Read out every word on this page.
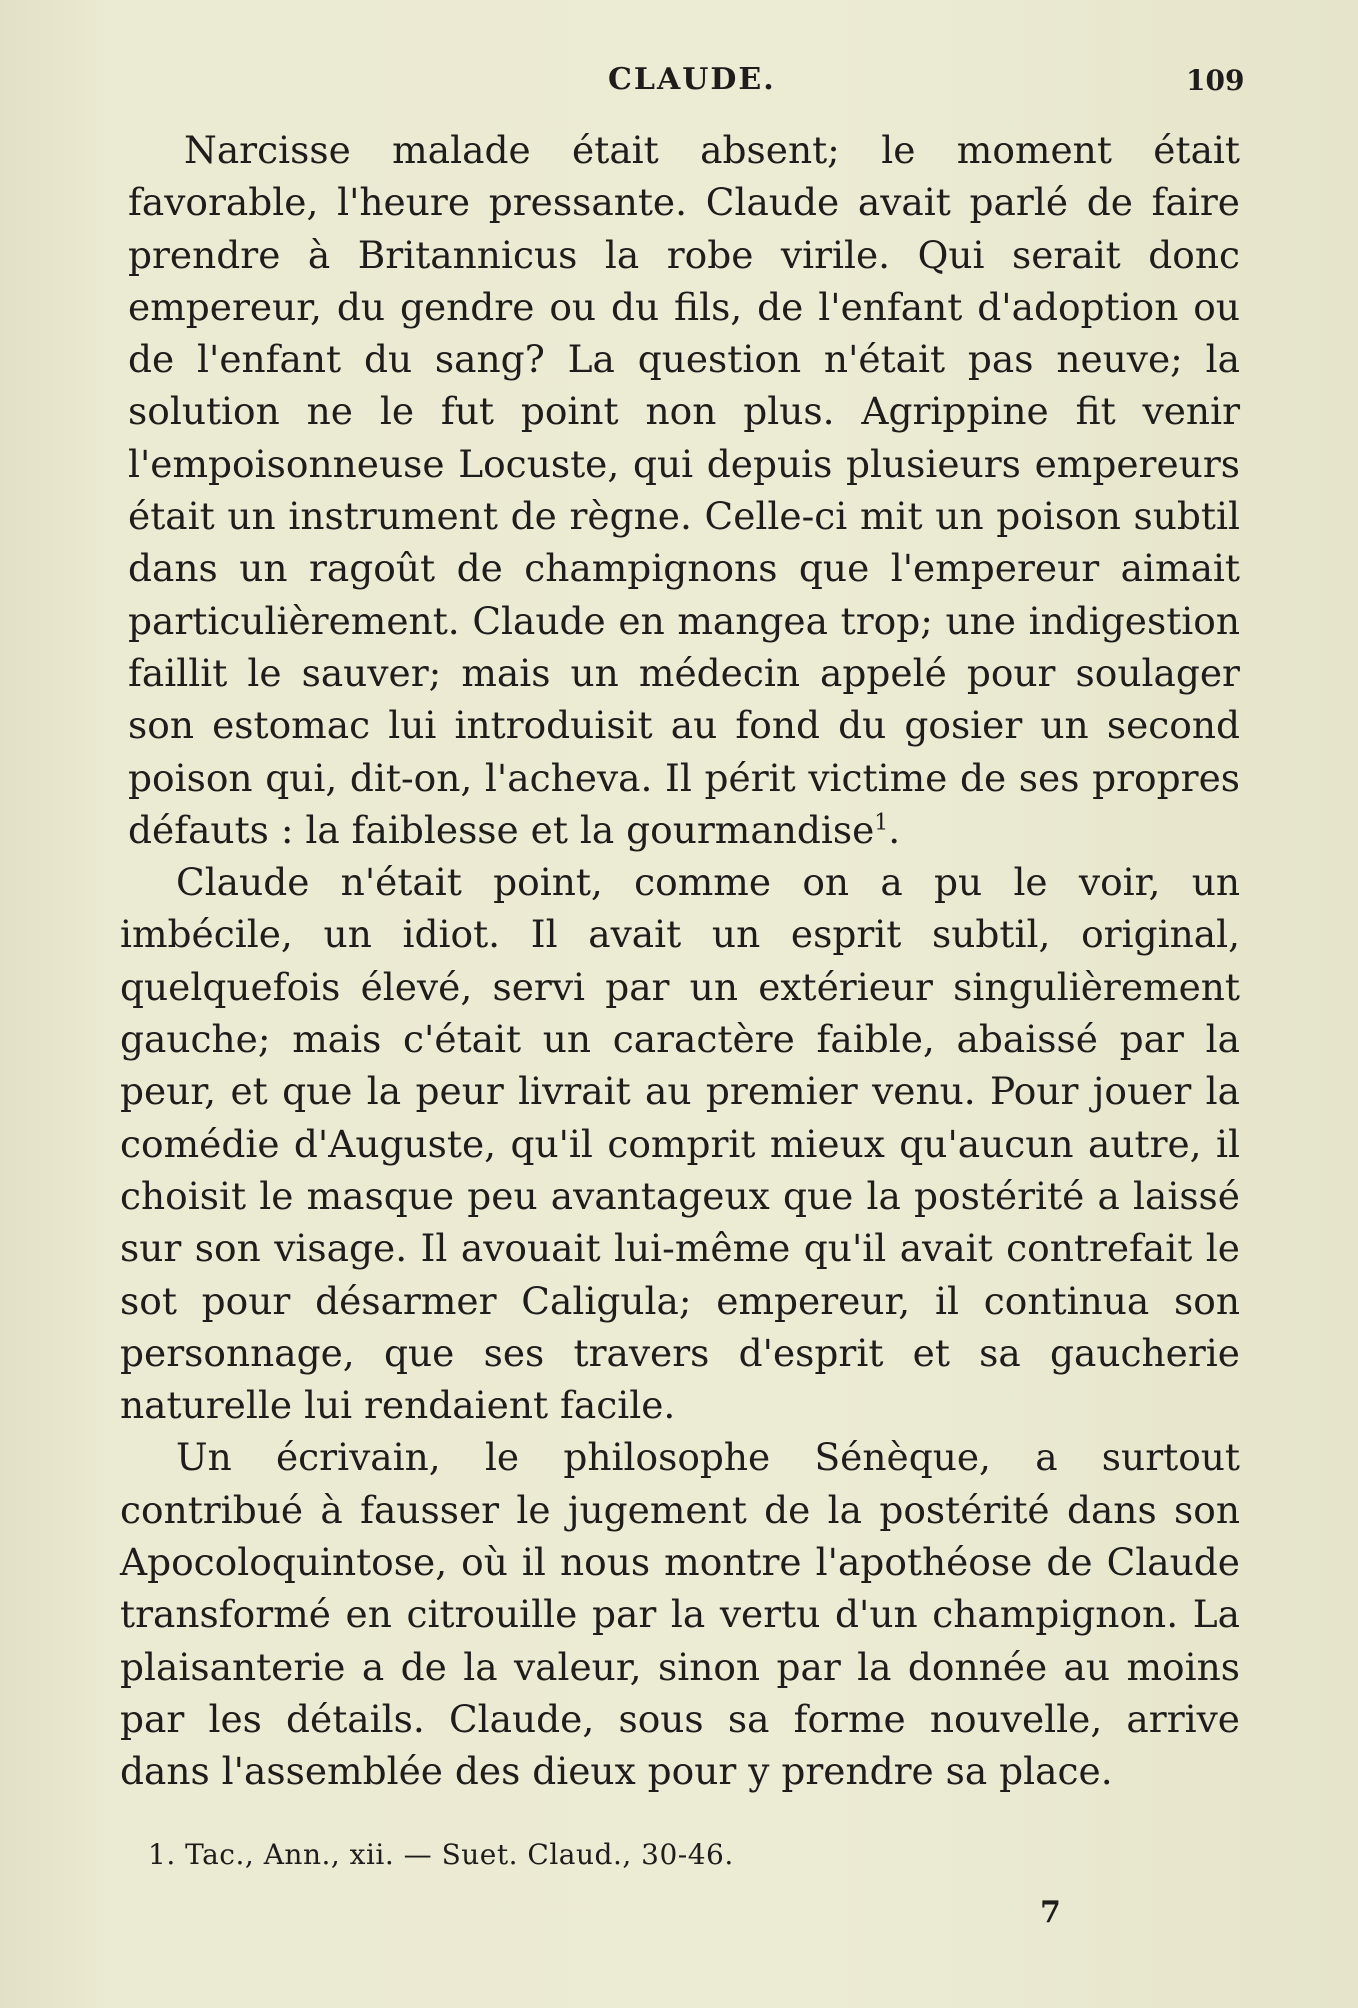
CLAUDE.	109

Narcisse malade était absent; le moment était favorable, l'heure pressante. Claude avait parlé de faire prendre à Britannicus la robe virile. Qui serait donc empereur, du gendre ou du fils, de l'enfant d'adoption ou de l'enfant du sang? La question n'était pas neuve; la solution ne le fut point non plus. Agrippine fit venir l'empoisonneuse Locuste, qui depuis plusieurs empereurs était un instrument de règne. Celle-ci mit un poison subtil dans un ragoût de champignons que l'empereur aimait particulièrement. Claude en mangea trop; une indigestion faillit le sauver; mais un médecin appelé pour soulager son estomac lui introduisit au fond du gosier un second poison qui, dit-on, l'acheva. Il périt victime de ses propres défauts : la faiblesse et la gourmandise$^1$.

Claude n'était point, comme on a pu le voir, un imbécile, un idiot. Il avait un esprit subtil, original, quelquefois élevé, servi par un extérieur singulièrement gauche; mais c'était un caractère faible, abaissé par la peur, et que la peur livrait au premier venu. Pour jouer la comédie d'Auguste, qu'il comprit mieux qu'aucun autre, il choisit le masque peu avantageux que la postérité a laissé sur son visage. Il avouait lui-même qu'il avait contrefait le sot pour désarmer Caligula; empereur, il continua son personnage, que ses travers d'esprit et sa gaucherie naturelle lui rendaient facile.

Un écrivain, le philosophe Sénèque, a surtout contribué à fausser le jugement de la postérité dans son Apocoloquintose, où il nous montre l'apothéose de Claude transformé en citrouille par la vertu d'un champignon. La plaisanterie a de la valeur, sinon par la donnée au moins par les détails. Claude, sous sa forme nouvelle, arrive dans l'assemblée des dieux pour y prendre sa place.

1. Tac., Ann., xii. — Suet. Claud., 30-46.
7
